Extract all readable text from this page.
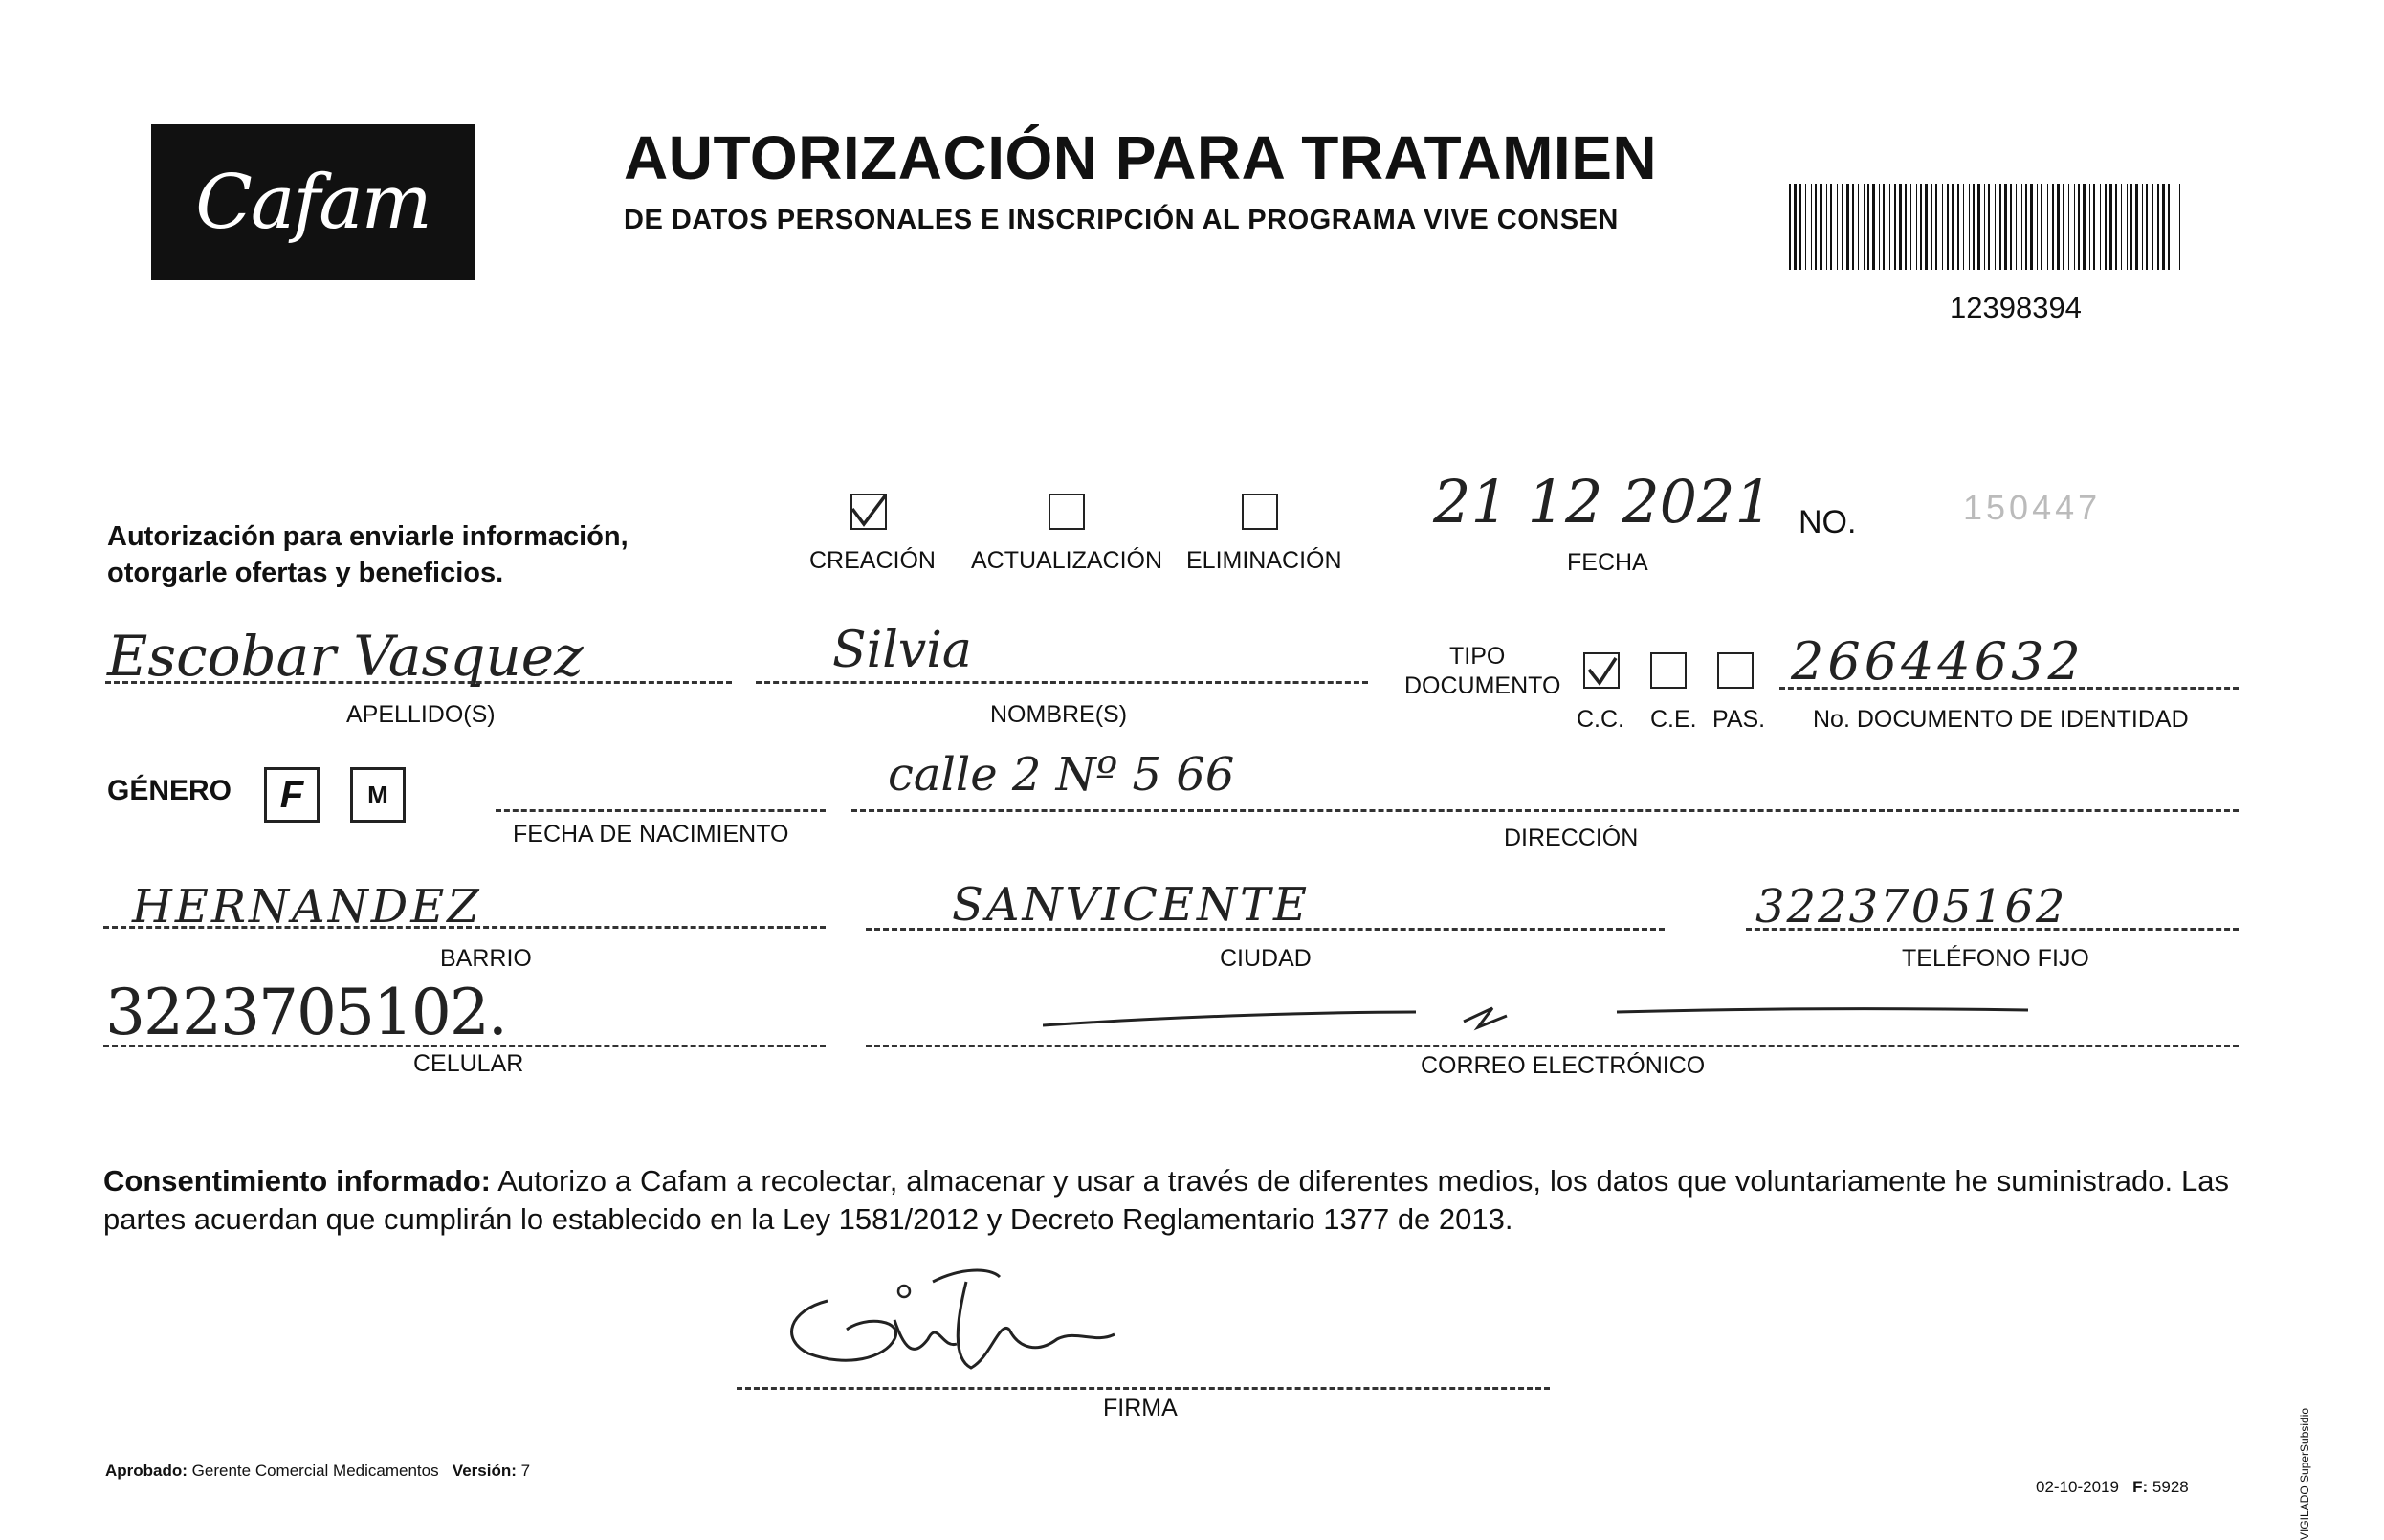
Cafam
AUTORIZACIÓN PARA TRATAMIEN
DE DATOS PERSONALES E INSCRIPCIÓN AL PROGRAMA VIVE CONSEN
12398394
Autorización para enviarle información,
otorgarle ofertas y beneficios.	CREACIÓN ACTUALIZACIÓN ELIMINACIÓN
21 12 2021
FECHA
NO.	150447
Escobar Vasquez
APELLIDO(S)
Silvia
NOMBRE(S)
TIPO
DOCUMENTO
C.C. C.E. PAS.
26644632
No. DOCUMENTO DE IDENTIDAD
GÉNERO F	M
FECHA DE NACIMIENTO
calle 2 Nº 5 66
DIRECCIÓN
HERNANDEZ
BARRIO
SANVICENTE
CIUDAD
3223705162
TELÉFONO FIJO
3223705102.
CELULAR	CORREO ELECTRÓNICO
Consentimiento informado: Autorizo a Cafam a recolectar, almacenar y usar a través de diferentes medios, los datos que voluntariamente he suministrado. Las partes acuerdan que cumplirán lo establecido en la Ley 1581/2012 y Decreto Reglamentario 1377 de 2013.
FIRMA
Aprobado: Gerente Comercial Medicamentos Versión: 7
02-10-2019 F: 5928	VIGILADO SuperSubsidio
